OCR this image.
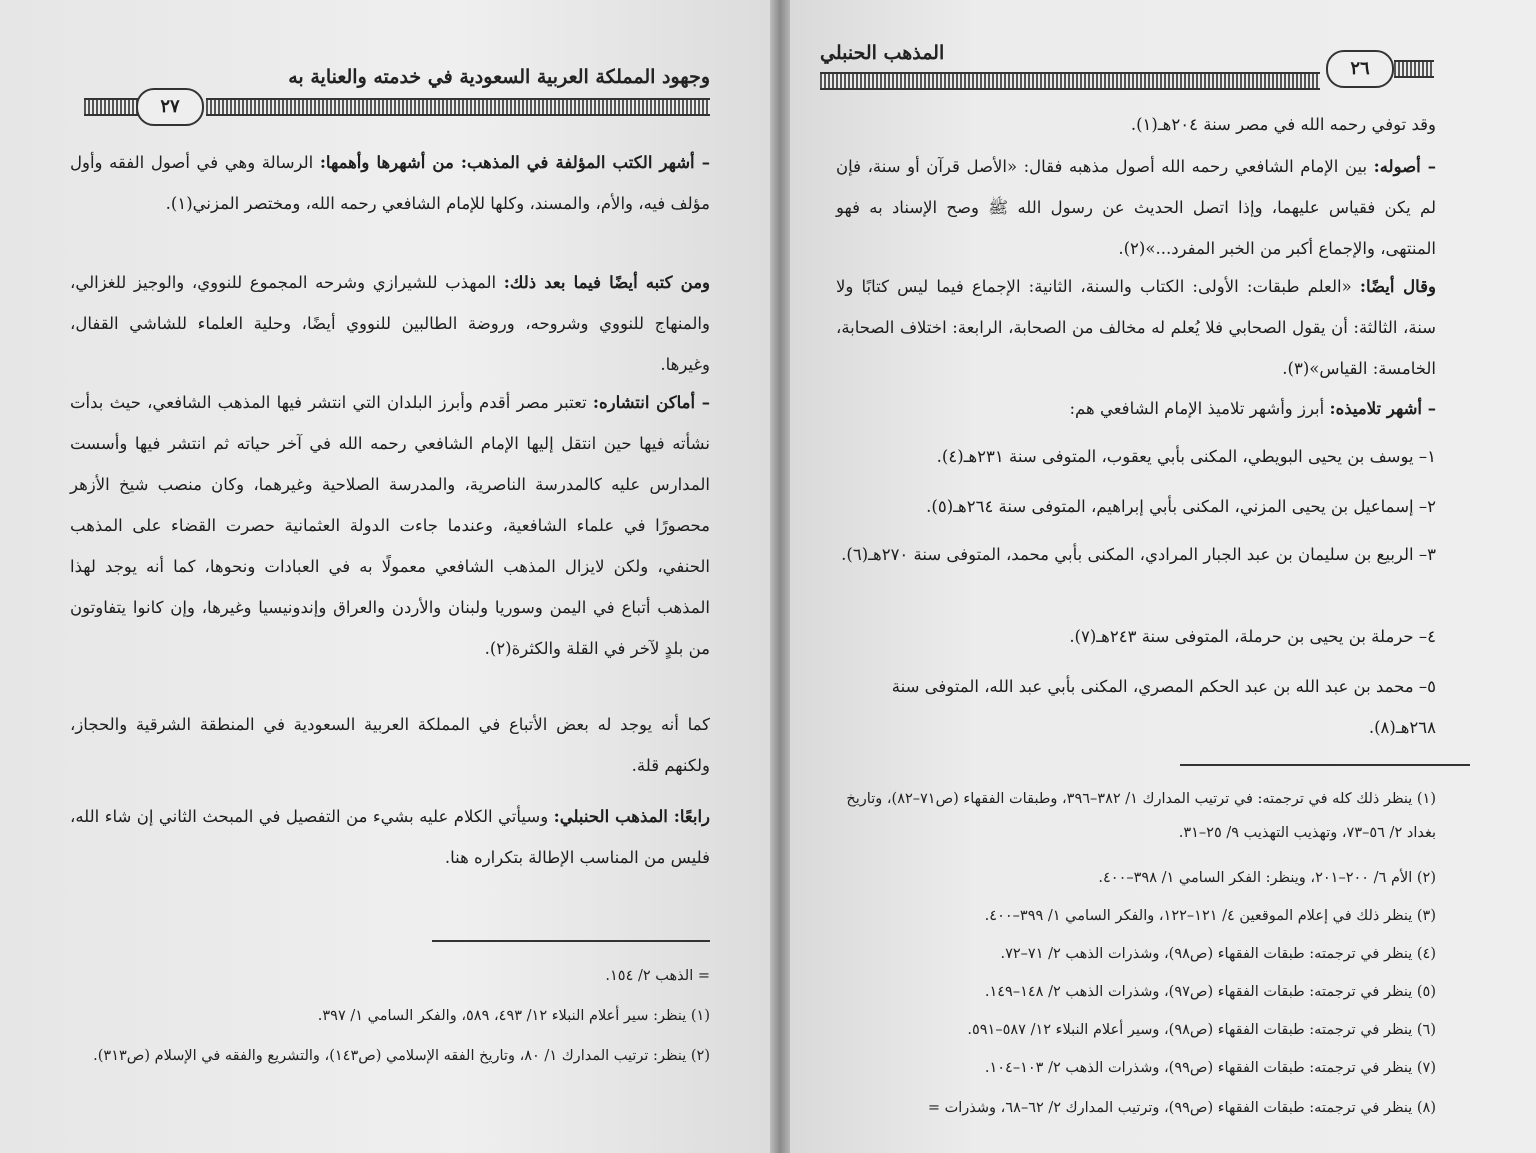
وجهود المملكة العربية السعودية في خدمته والعناية به
٢٧
– أشهر الكتب المؤلفة في المذهب: من أشهرها وأهمها: الرسالة وهي في أصول الفقه وأول مؤلف فيه، والأم، والمسند، وكلها للإمام الشافعي رحمه الله، ومختصر المزني(١).
ومن كتبه أيضًا فيما بعد ذلك: المهذب للشيرازي وشرحه المجموع للنووي، والوجيز للغزالي، والمنهاج للنووي وشروحه، وروضة الطالبين للنووي أيضًا، وحلية العلماء للشاشي القفال، وغيرها.
– أماكن انتشاره: تعتبر مصر أقدم وأبرز البلدان التي انتشر فيها المذهب الشافعي، حيث بدأت نشأته فيها حين انتقل إليها الإمام الشافعي رحمه الله في آخر حياته ثم انتشر فيها وأسست المدارس عليه كالمدرسة الناصرية، والمدرسة الصلاحية وغيرهما، وكان منصب شيخ الأزهر محصورًا في علماء الشافعية، وعندما جاءت الدولة العثمانية حصرت القضاء على المذهب الحنفي، ولكن لايزال المذهب الشافعي معمولًا به في العبادات ونحوها، كما أنه يوجد لهذا المذهب أتباع في اليمن وسوريا ولبنان والأردن والعراق وإندونيسيا وغيرها، وإن كانوا يتفاوتون من بلدٍ لآخر في القلة والكثرة(٢).
كما أنه يوجد له بعض الأتباع في المملكة العربية السعودية في المنطقة الشرقية والحجاز، ولكنهم قلة.
رابعًا: المذهب الحنبلي: وسيأتي الكلام عليه بشيء من التفصيل في المبحث الثاني إن شاء الله، فليس من المناسب الإطالة بتكراره هنا.
= الذهب ٢/ ١٥٤.
(١) ينظر: سير أعلام النبلاء ١٢/ ٤٩٣، ٥٨٩، والفكر السامي ١/ ٣٩٧.
(٢) ينظر: ترتيب المدارك ١/ ٨٠، وتاريخ الفقه الإسلامي (ص١٤٣)، والتشريع والفقه في الإسلام (ص٣١٣).
المذهب الحنبلي
٢٦
وقد توفي رحمه الله في مصر سنة ٢٠٤هـ(١).
– أصوله: بين الإمام الشافعي رحمه الله أصول مذهبه فقال: «الأصل قرآن أو سنة، فإن لم يكن فقياس عليهما، وإذا اتصل الحديث عن رسول الله ﷺ وصح الإسناد به فهو المنتهى، والإجماع أكبر من الخبر المفرد...»(٢).
وقال أيضًا: «العلم طبقات: الأولى: الكتاب والسنة، الثانية: الإجماع فيما ليس كتابًا ولا سنة، الثالثة: أن يقول الصحابي فلا يُعلم له مخالف من الصحابة، الرابعة: اختلاف الصحابة، الخامسة: القياس»(٣).
– أشهر تلاميذه: أبرز وأشهر تلاميذ الإمام الشافعي هم:
١– يوسف بن يحيى البويطي، المكنى بأبي يعقوب، المتوفى سنة ٢٣١هـ(٤).
٢– إسماعيل بن يحيى المزني، المكنى بأبي إبراهيم، المتوفى سنة ٢٦٤هـ(٥).
٣– الربيع بن سليمان بن عبد الجبار المرادي، المكنى بأبي محمد، المتوفى سنة ٢٧٠هـ(٦).
٤– حرملة بن يحيى بن حرملة، المتوفى سنة ٢٤٣هـ(٧).
٥– محمد بن عبد الله بن عبد الحكم المصري، المكنى بأبي عبد الله، المتوفى سنة ٢٦٨هـ(٨).
(١) ينظر ذلك كله في ترجمته: في ترتيب المدارك ١/ ٣٨٢–٣٩٦، وطبقات الفقهاء (ص٧١–٨٢)، وتاريخ بغداد ٢/ ٥٦–٧٣، وتهذيب التهذيب ٩/ ٢٥–٣١.
(٢) الأم ٦/ ٢٠٠–٢٠١، وينظر: الفكر السامي ١/ ٣٩٨–٤٠٠.
(٣) ينظر ذلك في إعلام الموقعين ٤/ ١٢١–١٢٢، والفكر السامي ١/ ٣٩٩–٤٠٠.
(٤) ينظر في ترجمته: طبقات الفقهاء (ص٩٨)، وشذرات الذهب ٢/ ٧١–٧٢.
(٥) ينظر في ترجمته: طبقات الفقهاء (ص٩٧)، وشذرات الذهب ٢/ ١٤٨–١٤٩.
(٦) ينظر في ترجمته: طبقات الفقهاء (ص٩٨)، وسير أعلام النبلاء ١٢/ ٥٨٧–٥٩١.
(٧) ينظر في ترجمته: طبقات الفقهاء (ص٩٩)، وشذرات الذهب ٢/ ١٠٣–١٠٤.
(٨) ينظر في ترجمته: طبقات الفقهاء (ص٩٩)، وترتيب المدارك ٢/ ٦٢–٦٨، وشذرات =
